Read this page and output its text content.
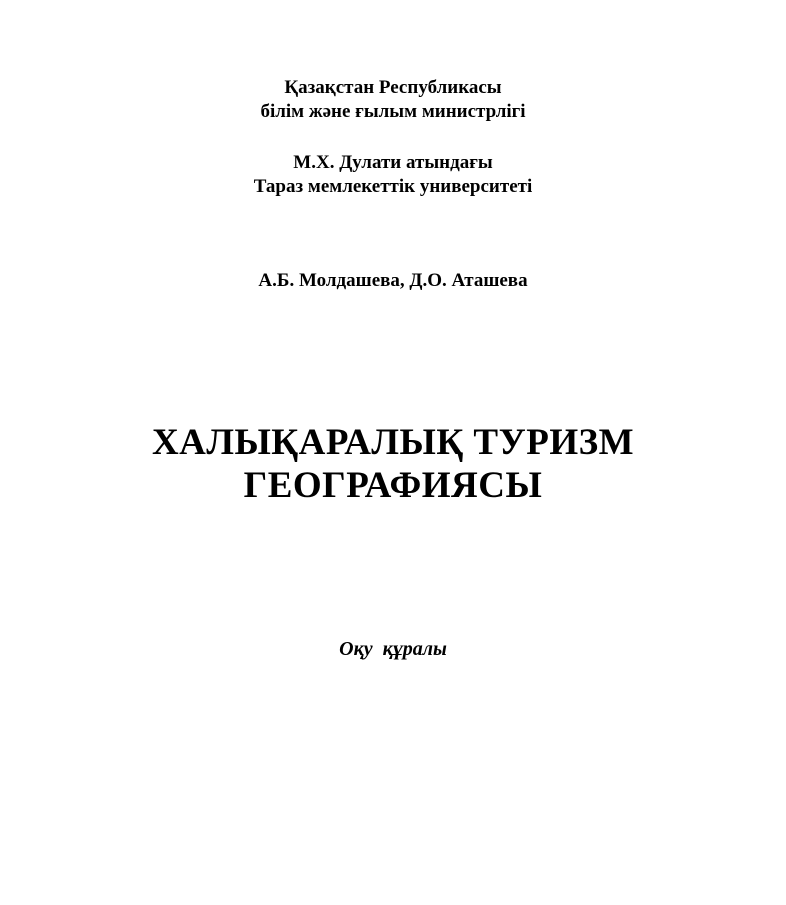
Қазақстан Республикасы
білім және ғылым министрлігі
М.Х. Дулати атындағы
Тараз мемлекеттік университеті
А.Б. Молдашева, Д.О. Аташева
ХАЛЫҚАРАЛЫҚ ТУРИЗМ
ГЕОГРАФИЯСЫ
Оқу  құралы
